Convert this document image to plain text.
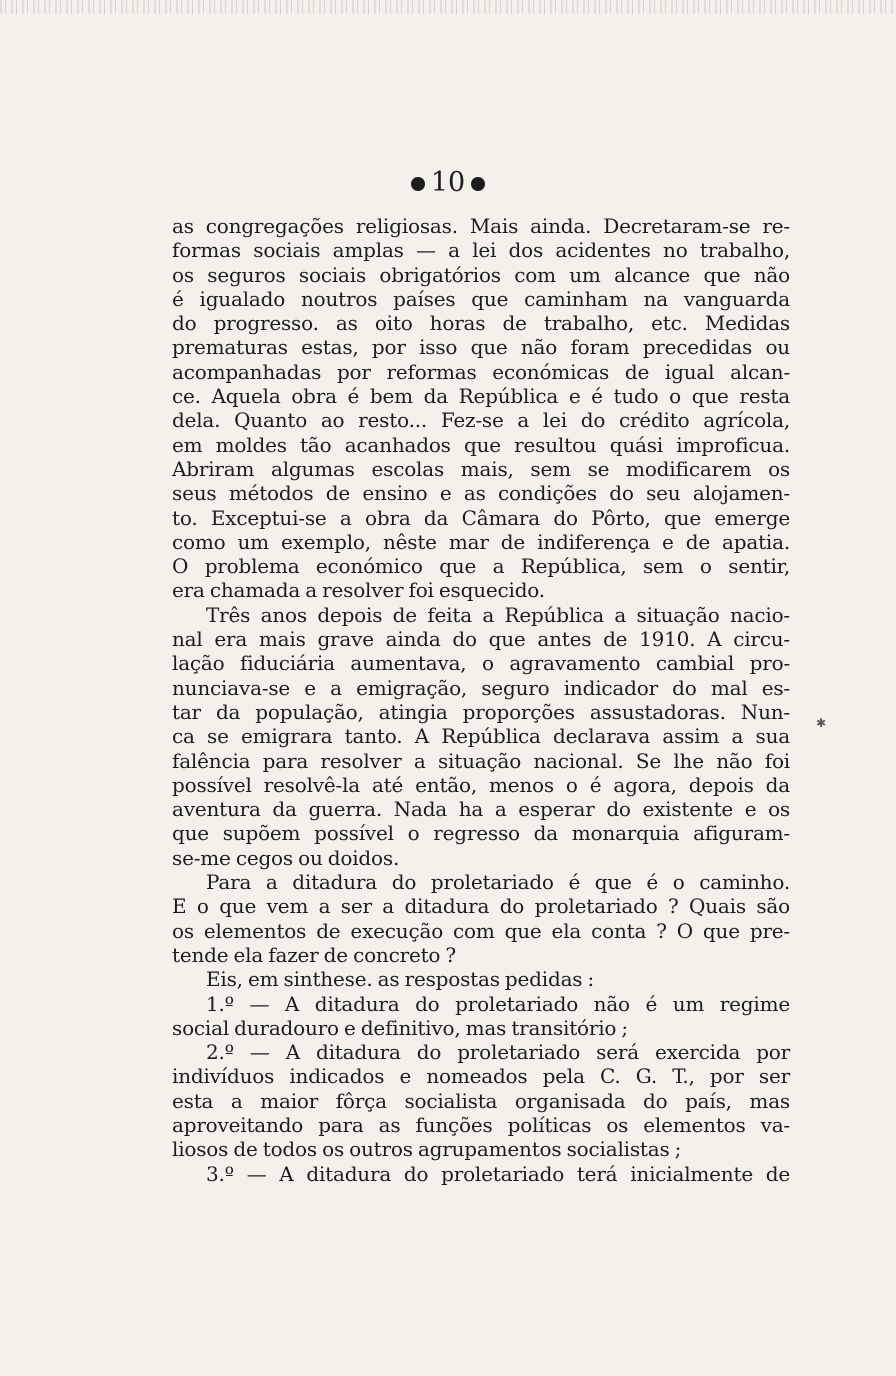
10
as congregações religiosas. Mais ainda. Decretaram-se re-
formas sociais amplas — a lei dos acidentes no trabalho,
os seguros sociais obrigatórios com um alcance que não
é igualado noutros países que caminham na vanguarda
do progresso. as oito horas de trabalho, etc. Medidas
prematuras estas, por isso que não foram precedidas ou
acompanhadas por reformas económicas de igual alcan-
ce. Aquela obra é bem da República e é tudo o que resta
dela. Quanto ao resto... Fez-se a lei do crédito agrícola,
em moldes tão acanhados que resultou quási improficua.
Abriram algumas escolas mais, sem se modificarem os
seus métodos de ensino e as condições do seu alojamen-
to. Exceptui-se a obra da Câmara do Pôrto, que emerge
como um exemplo, nêste mar de indiferença e de apatia.
O problema económico que a República, sem o sentir,
era chamada a resolver foi esquecido.
Três anos depois de feita a República a situação nacio-
nal era mais grave ainda do que antes de 1910. A circu-
lação fiduciária aumentava, o agravamento cambial pro-
nunciava-se e a emigração, seguro indicador do mal es-
tar da população, atingia proporções assustadoras. Nun-
ca se emigrara tanto. A República declarava assim a sua
falência para resolver a situação nacional. Se lhe não foi
possível resolvê-la até então, menos o é agora, depois da
aventura da guerra. Nada ha a esperar do existente e os
que supõem possível o regresso da monarquia afiguram-
se-me cegos ou doidos.
Para a ditadura do proletariado é que é o caminho.
E o que vem a ser a ditadura do proletariado ? Quais são
os elementos de execução com que ela conta ? O que pre-
tende ela fazer de concreto ?
Eis, em sinthese. as respostas pedidas :
1.º — A ditadura do proletariado não é um regime
social duradouro e definitivo, mas transitório ;
2.º — A ditadura do proletariado será exercida por
indivíduos indicados e nomeados pela C. G. T., por ser
esta a maior fôrça socialista organisada do país, mas
aproveitando para as funções políticas os elementos va-
liosos de todos os outros agrupamentos socialistas ;
3.º — A ditadura do proletariado terá inicialmente de
✱
